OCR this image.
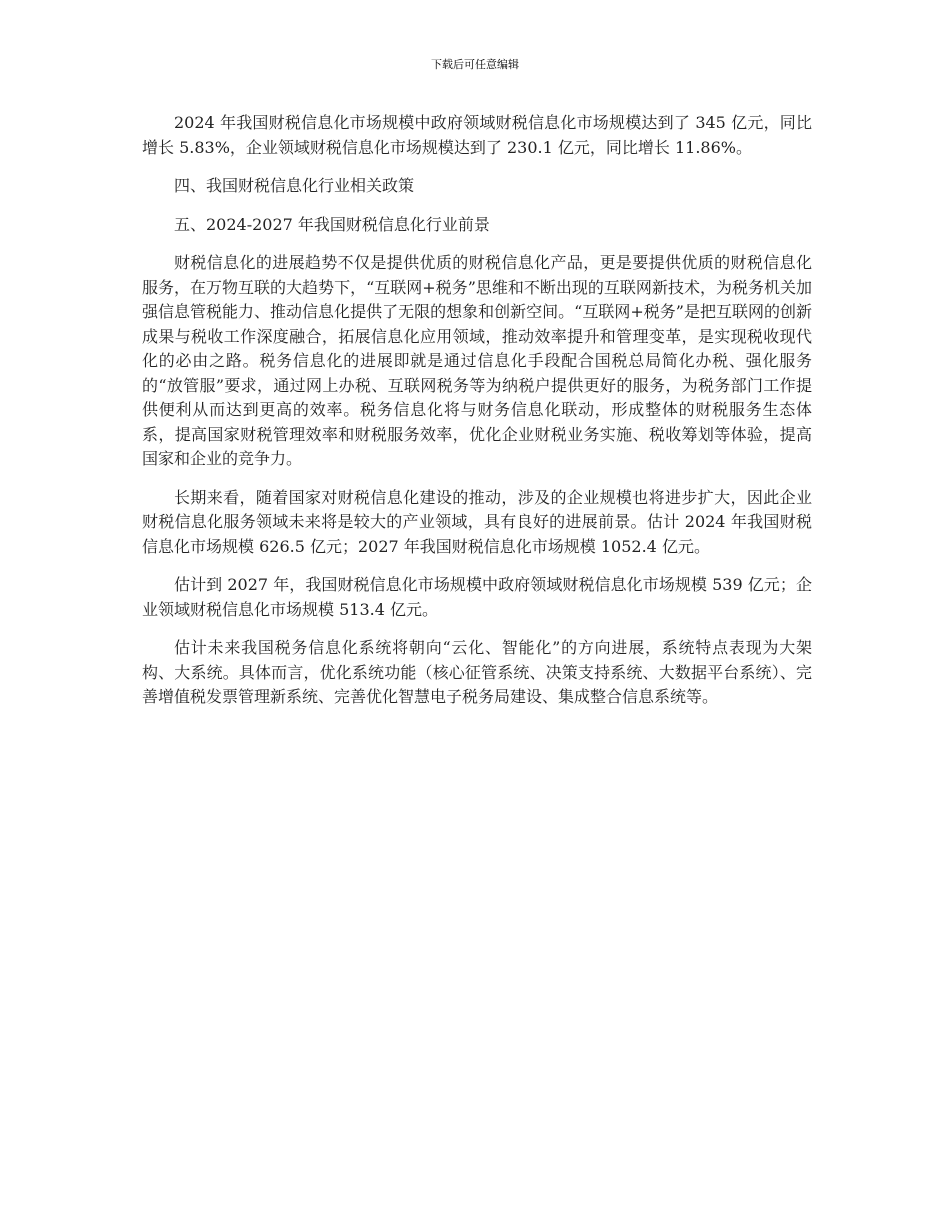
下载后可任意编辑

2024 年我国财税信息化市场规模中政府领域财税信息化市场规模达到了 345 亿元，同比增长 5.83%，企业领域财税信息化市场规模达到了 230.1 亿元，同比增长 11.86%。

四、我国财税信息化行业相关政策

五、2024-2027 年我国财税信息化行业前景

财税信息化的进展趋势不仅是提供优质的财税信息化产品，更是要提供优质的财税信息化服务，在万物互联的大趋势下，“互联网+税务”思维和不断出现的互联网新技术，为税务机关加强信息管税能力、推动信息化提供了无限的想象和创新空间。“互联网+税务”是把互联网的创新成果与税收工作深度融合，拓展信息化应用领域，推动效率提升和管理变革，是实现税收现代化的必由之路。税务信息化的进展即就是通过信息化手段配合国税总局简化办税、强化服务的“放管服”要求，通过网上办税、互联网税务等为纳税户提供更好的服务，为税务部门工作提供便利从而达到更高的效率。税务信息化将与财务信息化联动，形成整体的财税服务生态体系，提高国家财税管理效率和财税服务效率，优化企业财税业务实施、税收筹划等体验，提高国家和企业的竞争力。

长期来看，随着国家对财税信息化建设的推动，涉及的企业规模也将进步扩大，因此企业财税信息化服务领域未来将是较大的产业领域，具有良好的进展前景。估计 2024 年我国财税信息化市场规模 626.5 亿元；2027 年我国财税信息化市场规模 1052.4 亿元。

估计到 2027 年，我国财税信息化市场规模中政府领域财税信息化市场规模 539 亿元；企业领域财税信息化市场规模 513.4 亿元。

估计未来我国税务信息化系统将朝向“云化、智能化”的方向进展，系统特点表现为大架构、大系统。具体而言，优化系统功能（核心征管系统、决策支持系统、大数据平台系统）、完善增值税发票管理新系统、完善优化智慧电子税务局建设、集成整合信息系统等。
